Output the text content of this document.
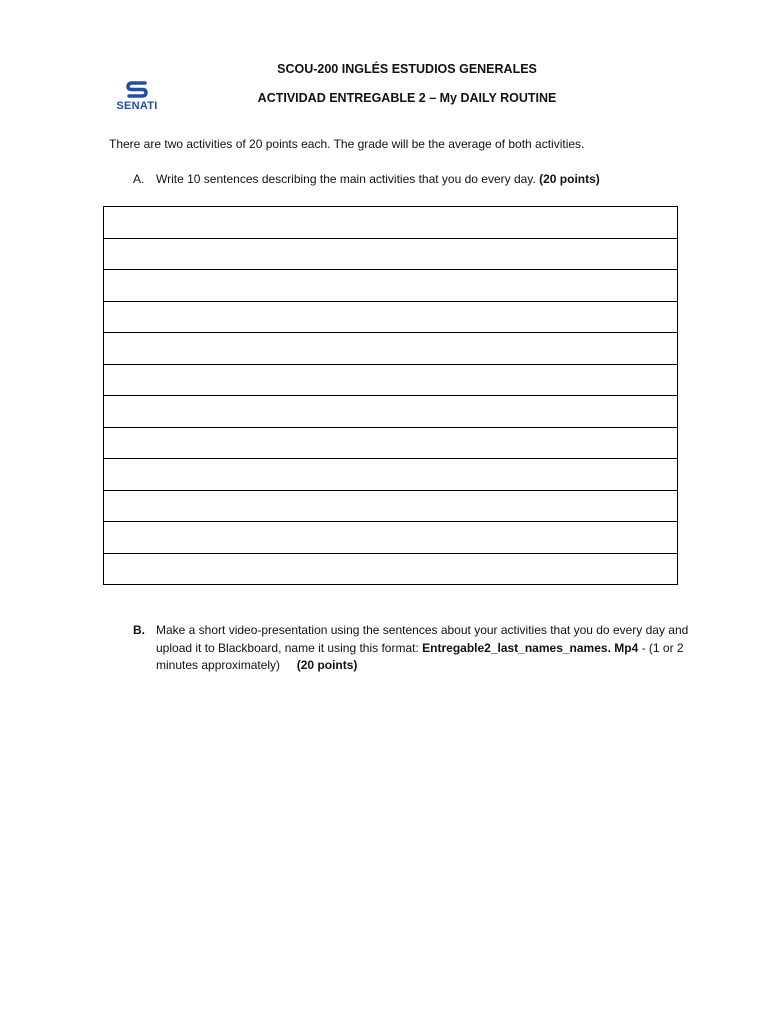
SENATI
SCOU-200 INGLÉS ESTUDIOS GENERALES
ACTIVIDAD ENTREGABLE 2 – My DAILY ROUTINE
There are two activities of 20 points each. The grade will be the average of both activities.
A. Write 10 sentences describing the main activities that you do every day. (20 points)

B. Make a short video-presentation using the sentences about your activities that you do every day and upload it to Blackboard, name it using this format: Entregable2_last_names_names. Mp4 - (1 or 2 minutes approximately) (20 points)
